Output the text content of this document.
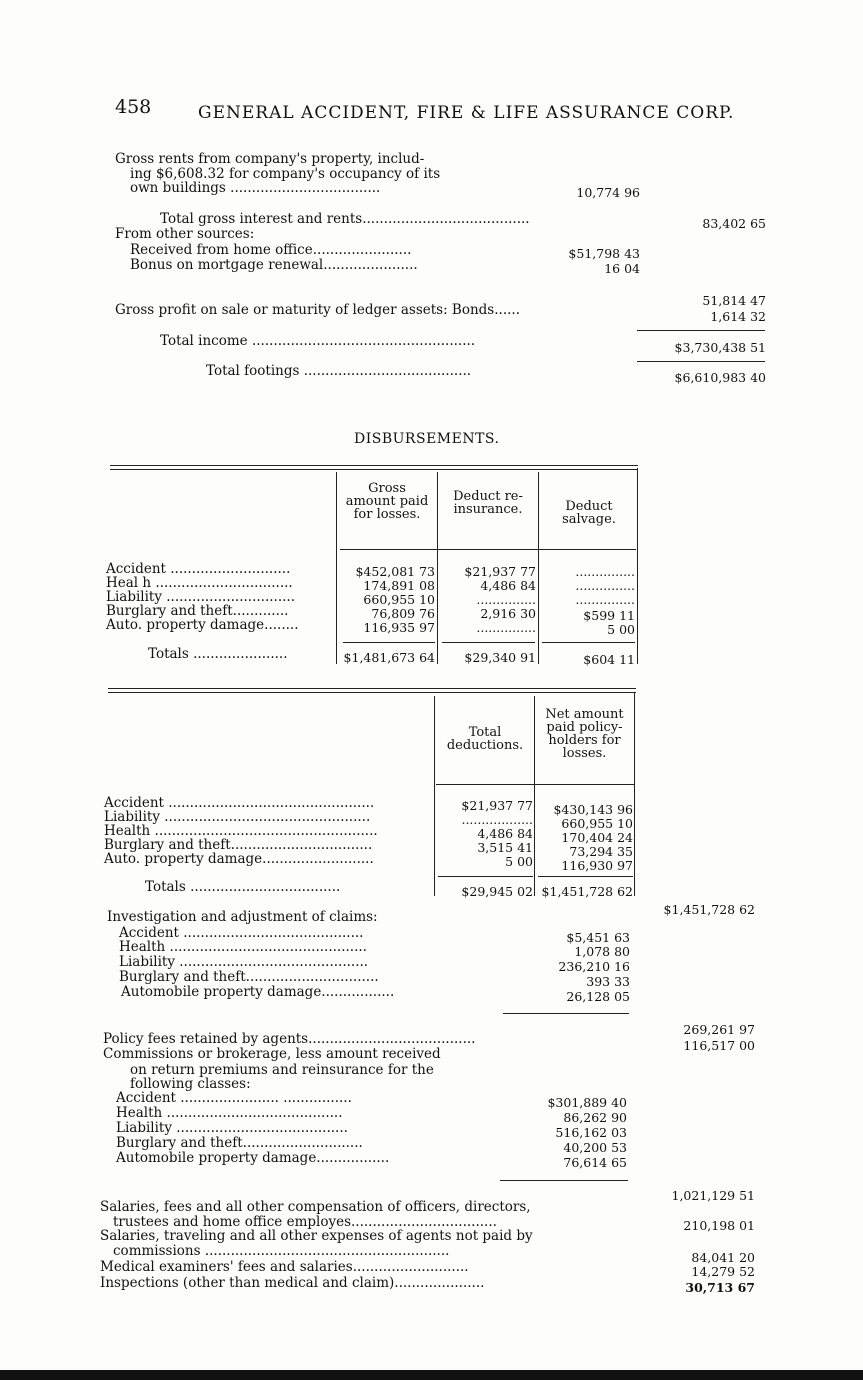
458	GENERAL ACCIDENT, FIRE & LIFE ASSURANCE CORP.
Gross rents from company's property, includ-
ing $6,608.32 for company's occupancy of its
own buildings ...................................	10,774 96
Total gross interest and rents.......................................	83,402 65
From other sources:
Received from home office.......................	$51,798 43
Bonus on mortgage renewal......................	16 04
51,814 47
Gross profit on sale or maturity of ledger assets: Bonds......	1,614 32
Total income ....................................................	$3,730,438 51
Total footings .......................................	$6,610,983 40
DISBURSEMENTS.
Gross amount paid for losses.
Deduct re-insurance.	Deduct salvage.
Accident ............................	$452,081 73	$21,937 77	...............
Heal h ................................	174,891 08	4,486 84	...............
Liability ..............................	660,955 10	...............	...............
Burglary and theft.............	76,809 76	2,916 30	$599 11
Auto. property damage........	116,935 97	...............	5 00
Totals ......................	$1,481,673 64	$29,340 91	$604 11
Total deductions.
Net amount paid policy-holders for losses.
Accident ................................................	$21,937 77	$430,143 96
Liability ................................................	..................	660,955 10
Health ....................................................	4,486 84	170,404 24
Burglary and theft.................................	3,515 41	73,294 35
Auto. property damage..........................	5 00	116,930 97
Totals ...................................	$29,945 02 $1,451,728 62
$1,451,728 62
Investigation and adjustment of claims:
Accident ..........................................	$5,451 63
Health ..............................................	1,078 80
Liability ............................................	236,210 16
Burglary and theft...............................	393 33
Automobile property damage.................	26,128 05
269,261 97
Policy fees retained by agents.......................................	116,517 00
Commissions or brokerage, less amount received
on return premiums and reinsurance for the
following classes:
Accident ....................... ................	$301,889 40
Health .........................................	86,262 90
Liability ........................................	516,162 03
Burglary and theft............................	40,200 53
Automobile property damage.................	76,614 65
1,021,129 51
Salaries, fees and all other compensation of officers, directors,
trustees and home office employes..................................	210,198 01
Salaries, traveling and all other expenses of agents not paid by
commissions .........................................................	84,041 20
Medical examiners' fees and salaries...........................	14,279 52
Inspections (other than medical and claim).....................	30,713 67
